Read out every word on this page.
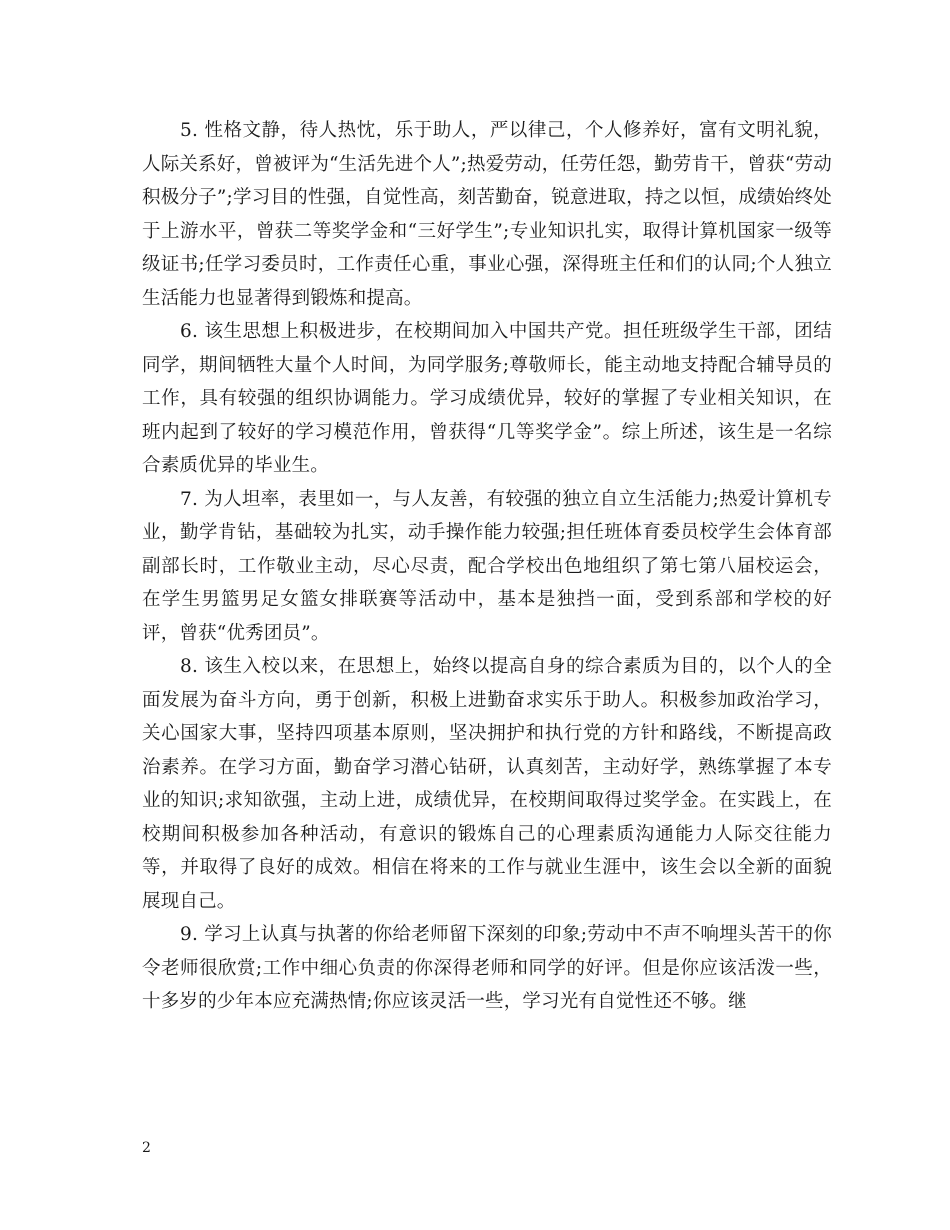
5. 性格文静，待人热忱，乐于助人，严以律己，个人修养好，富有文明礼貌，人际关系好，曾被评为“生活先进个人”;热爱劳动，任劳任怨，勤劳肯干，曾获“劳动积极分子”;学习目的性强，自觉性高，刻苦勤奋，锐意进取，持之以恒，成绩始终处于上游水平，曾获二等奖学金和“三好学生”;专业知识扎实，取得计算机国家一级等级证书;任学习委员时，工作责任心重，事业心强，深得班主任和们的认同;个人独立生活能力也显著得到锻炼和提高。

6. 该生思想上积极进步，在校期间加入中国共产党。担任班级学生干部，团结同学，期间牺牲大量个人时间，为同学服务;尊敬师长，能主动地支持配合辅导员的工作，具有较强的组织协调能力。学习成绩优异，较好的掌握了专业相关知识，在班内起到了较好的学习模范作用，曾获得“几等奖学金”。综上所述，该生是一名综合素质优异的毕业生。

7. 为人坦率，表里如一，与人友善，有较强的独立自立生活能力;热爱计算机专业，勤学肯钻，基础较为扎实，动手操作能力较强;担任班体育委员校学生会体育部副部长时，工作敬业主动，尽心尽责，配合学校出色地组织了第七第八届校运会，在学生男篮男足女篮女排联赛等活动中，基本是独挡一面，受到系部和学校的好评，曾获“优秀团员”。

8. 该生入校以来，在思想上，始终以提高自身的综合素质为目的，以个人的全面发展为奋斗方向，勇于创新，积极上进勤奋求实乐于助人。积极参加政治学习，关心国家大事，坚持四项基本原则，坚决拥护和执行党的方针和路线，不断提高政治素养。在学习方面，勤奋学习潜心钻研，认真刻苦，主动好学，熟练掌握了本专业的知识;求知欲强，主动上进，成绩优异，在校期间取得过奖学金。在实践上，在校期间积极参加各种活动，有意识的锻炼自己的心理素质沟通能力人际交往能力等，并取得了良好的成效。相信在将来的工作与就业生涯中，该生会以全新的面貌展现自己。

9. 学习上认真与执著的你给老师留下深刻的印象;劳动中不声不响埋头苦干的你令老师很欣赏;工作中细心负责的你深得老师和同学的好评。但是你应该活泼一些，十多岁的少年本应充满热情;你应该灵活一些，学习光有自觉性还不够。继

2
